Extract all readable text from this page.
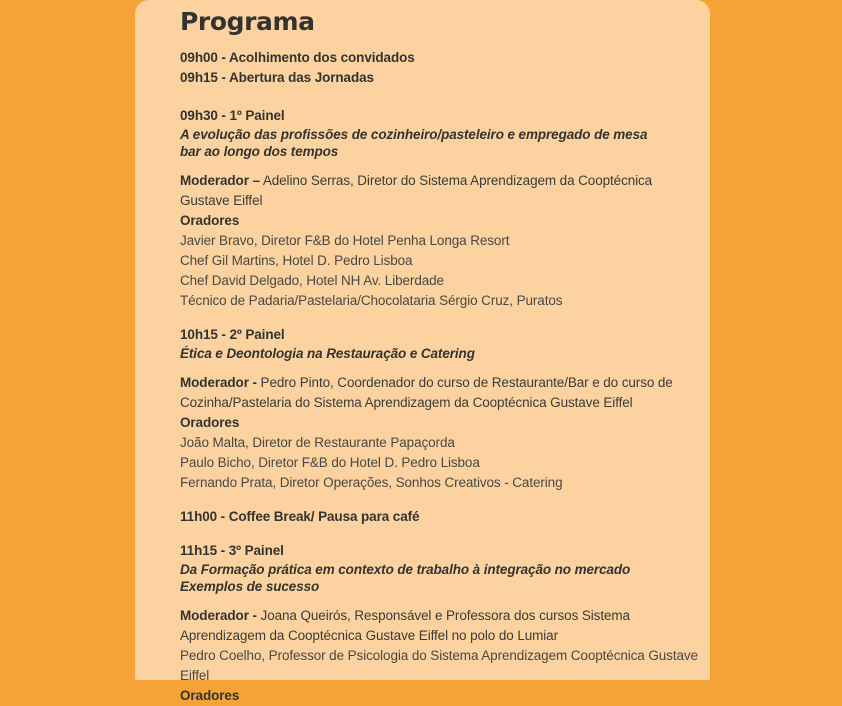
Programa
09h00 - Acolhimento dos convidados
09h15 - Abertura das Jornadas
09h30 - 1º Painel
A evolução das profissões de cozinheiro/pasteleiro e empregado de mesa
bar ao longo dos tempos
Moderador – Adelino Serras, Diretor do Sistema Aprendizagem da Cooptécnica Gustave Eiffel
Oradores
Javier Bravo, Diretor F&B do Hotel Penha Longa Resort
Chef Gil Martins, Hotel D. Pedro Lisboa
Chef David Delgado, Hotel NH Av. Liberdade
Técnico de Padaria/Pastelaria/Chocolataria Sérgio Cruz, Puratos
10h15 - 2º Painel
Ética e Deontologia na Restauração e Catering
Moderador - Pedro Pinto, Coordenador do curso de Restaurante/Bar e do curso de Cozinha/Pastelaria do Sistema Aprendizagem da Cooptécnica Gustave Eiffel
Oradores
João Malta, Diretor de Restaurante Papaçorda
Paulo Bicho, Diretor F&B do Hotel D. Pedro Lisboa
Fernando Prata, Diretor Operações, Sonhos Creativos - Catering
11h00 - Coffee Break/ Pausa para café
11h15 - 3º Painel
Da Formação prática em contexto de trabalho à integração no mercado
Exemplos de sucesso
Moderador - Joana Queirós, Responsável e Professora dos cursos Sistema Aprendizagem da Cooptécnica Gustave Eiffel no polo do Lumiar
Pedro Coelho, Professor de Psicologia do Sistema Aprendizagem Cooptécnica Gustave Eiffel
Oradores
